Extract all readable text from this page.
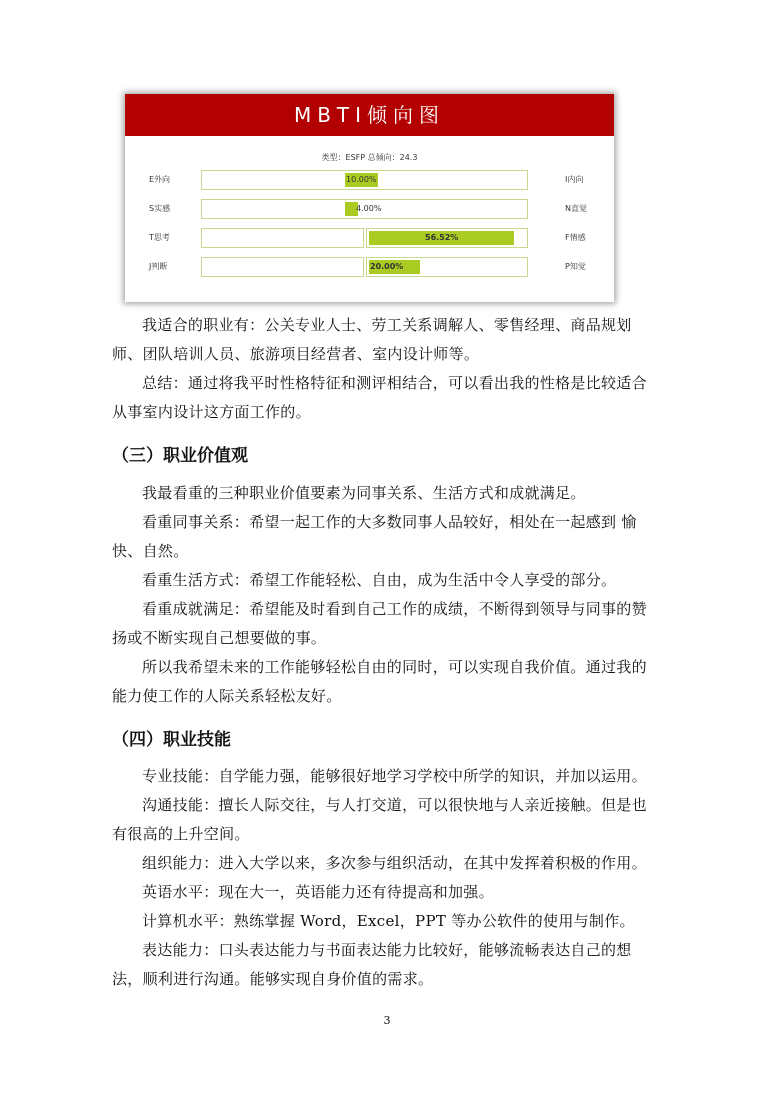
MBTI倾向图
类型：ESFP 总倾向：24.3
E外向	10.00%	I内向
S实感	4.00%	N直觉
T思考	56.52%	F情感
J判断	20.00%	P知觉

我适合的职业有：公关专业人士、劳工关系调解人、零售经理、商品规划师、团队培训人员、旅游项目经营者、室内设计师等。

总结：通过将我平时性格特征和测评相结合，可以看出我的性格是比较适合从事室内设计这方面工作的。

（三）职业价值观

我最看重的三种职业价值要素为同事关系、生活方式和成就满足。

看重同事关系：希望一起工作的大多数同事人品较好，相处在一起感到 愉快、自然。

看重生活方式：希望工作能轻松、自由，成为生活中令人享受的部分。

看重成就满足：希望能及时看到自己工作的成绩，不断得到领导与同事的赞扬或不断实现自己想要做的事。

所以我希望未来的工作能够轻松自由的同时，可以实现自我价值。通过我的能力使工作的人际关系轻松友好。

（四）职业技能

专业技能：自学能力强，能够很好地学习学校中所学的知识，并加以运用。

沟通技能：擅长人际交往，与人打交道，可以很快地与人亲近接触。但是也有很高的上升空间。

组织能力：进入大学以来，多次参与组织活动，在其中发挥着积极的作用。

英语水平：现在大一，英语能力还有待提高和加强。

计算机水平：熟练掌握 Word，Excel，PPT 等办公软件的使用与制作。

表达能力：口头表达能力与书面表达能力比较好，能够流畅表达自己的想法，顺利进行沟通。能够实现自身价值的需求。

3
